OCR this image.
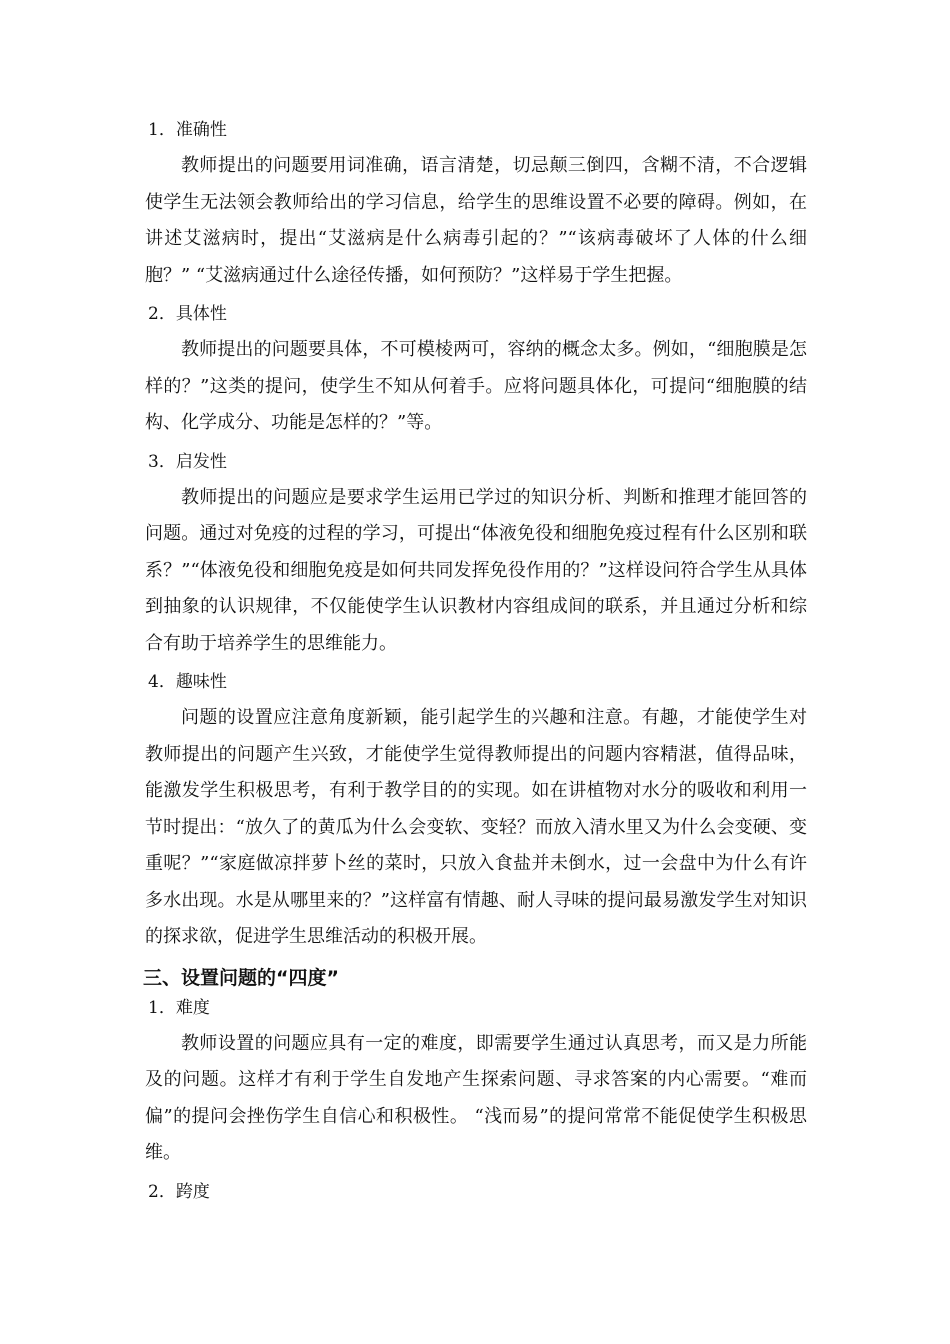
1．准确性

教师提出的问题要用词准确，语言清楚，切忌颠三倒四，含糊不清，不合逻辑使学生无法领会教师给出的学习信息，给学生的思维设置不必要的障碍。例如，在讲述艾滋病时，提出“艾滋病是什么病毒引起的？”“该病毒破坏了人体的什么细胞？” “艾滋病通过什么途径传播，如何预防？”这样易于学生把握。

2．具体性

教师提出的问题要具体，不可模棱两可，容纳的概念太多。例如，“细胞膜是怎样的？”这类的提问，使学生不知从何着手。应将问题具体化，可提问“细胞膜的结构、化学成分、功能是怎样的？”等。

3．启发性

教师提出的问题应是要求学生运用已学过的知识分析、判断和推理才能回答的问题。通过对免疫的过程的学习，可提出“体液免役和细胞免疫过程有什么区别和联系？”“体液免役和细胞免疫是如何共同发挥免役作用的？”这样设问符合学生从具体到抽象的认识规律，不仅能使学生认识教材内容组成间的联系，并且通过分析和综合有助于培养学生的思维能力。

4．趣味性

问题的设置应注意角度新颖，能引起学生的兴趣和注意。有趣，才能使学生对教师提出的问题产生兴致，才能使学生觉得教师提出的问题内容精湛，值得品味，能激发学生积极思考，有利于教学目的的实现。如在讲植物对水分的吸收和利用一节时提出：“放久了的黄瓜为什么会变软、变轻？而放入清水里又为什么会变硬、变重呢？”“家庭做凉拌萝卜丝的菜时，只放入食盐并未倒水，过一会盘中为什么有许多水出现。水是从哪里来的？”这样富有情趣、耐人寻味的提问最易激发学生对知识的探求欲，促进学生思维活动的积极开展。

三、设置问题的“四度”

1．难度

教师设置的问题应具有一定的难度，即需要学生通过认真思考，而又是力所能及的问题。这样才有利于学生自发地产生探索问题、寻求答案的内心需要。“难而偏”的提问会挫伤学生自信心和积极性。 “浅而易”的提问常常不能促使学生积极思维。

2．跨度
